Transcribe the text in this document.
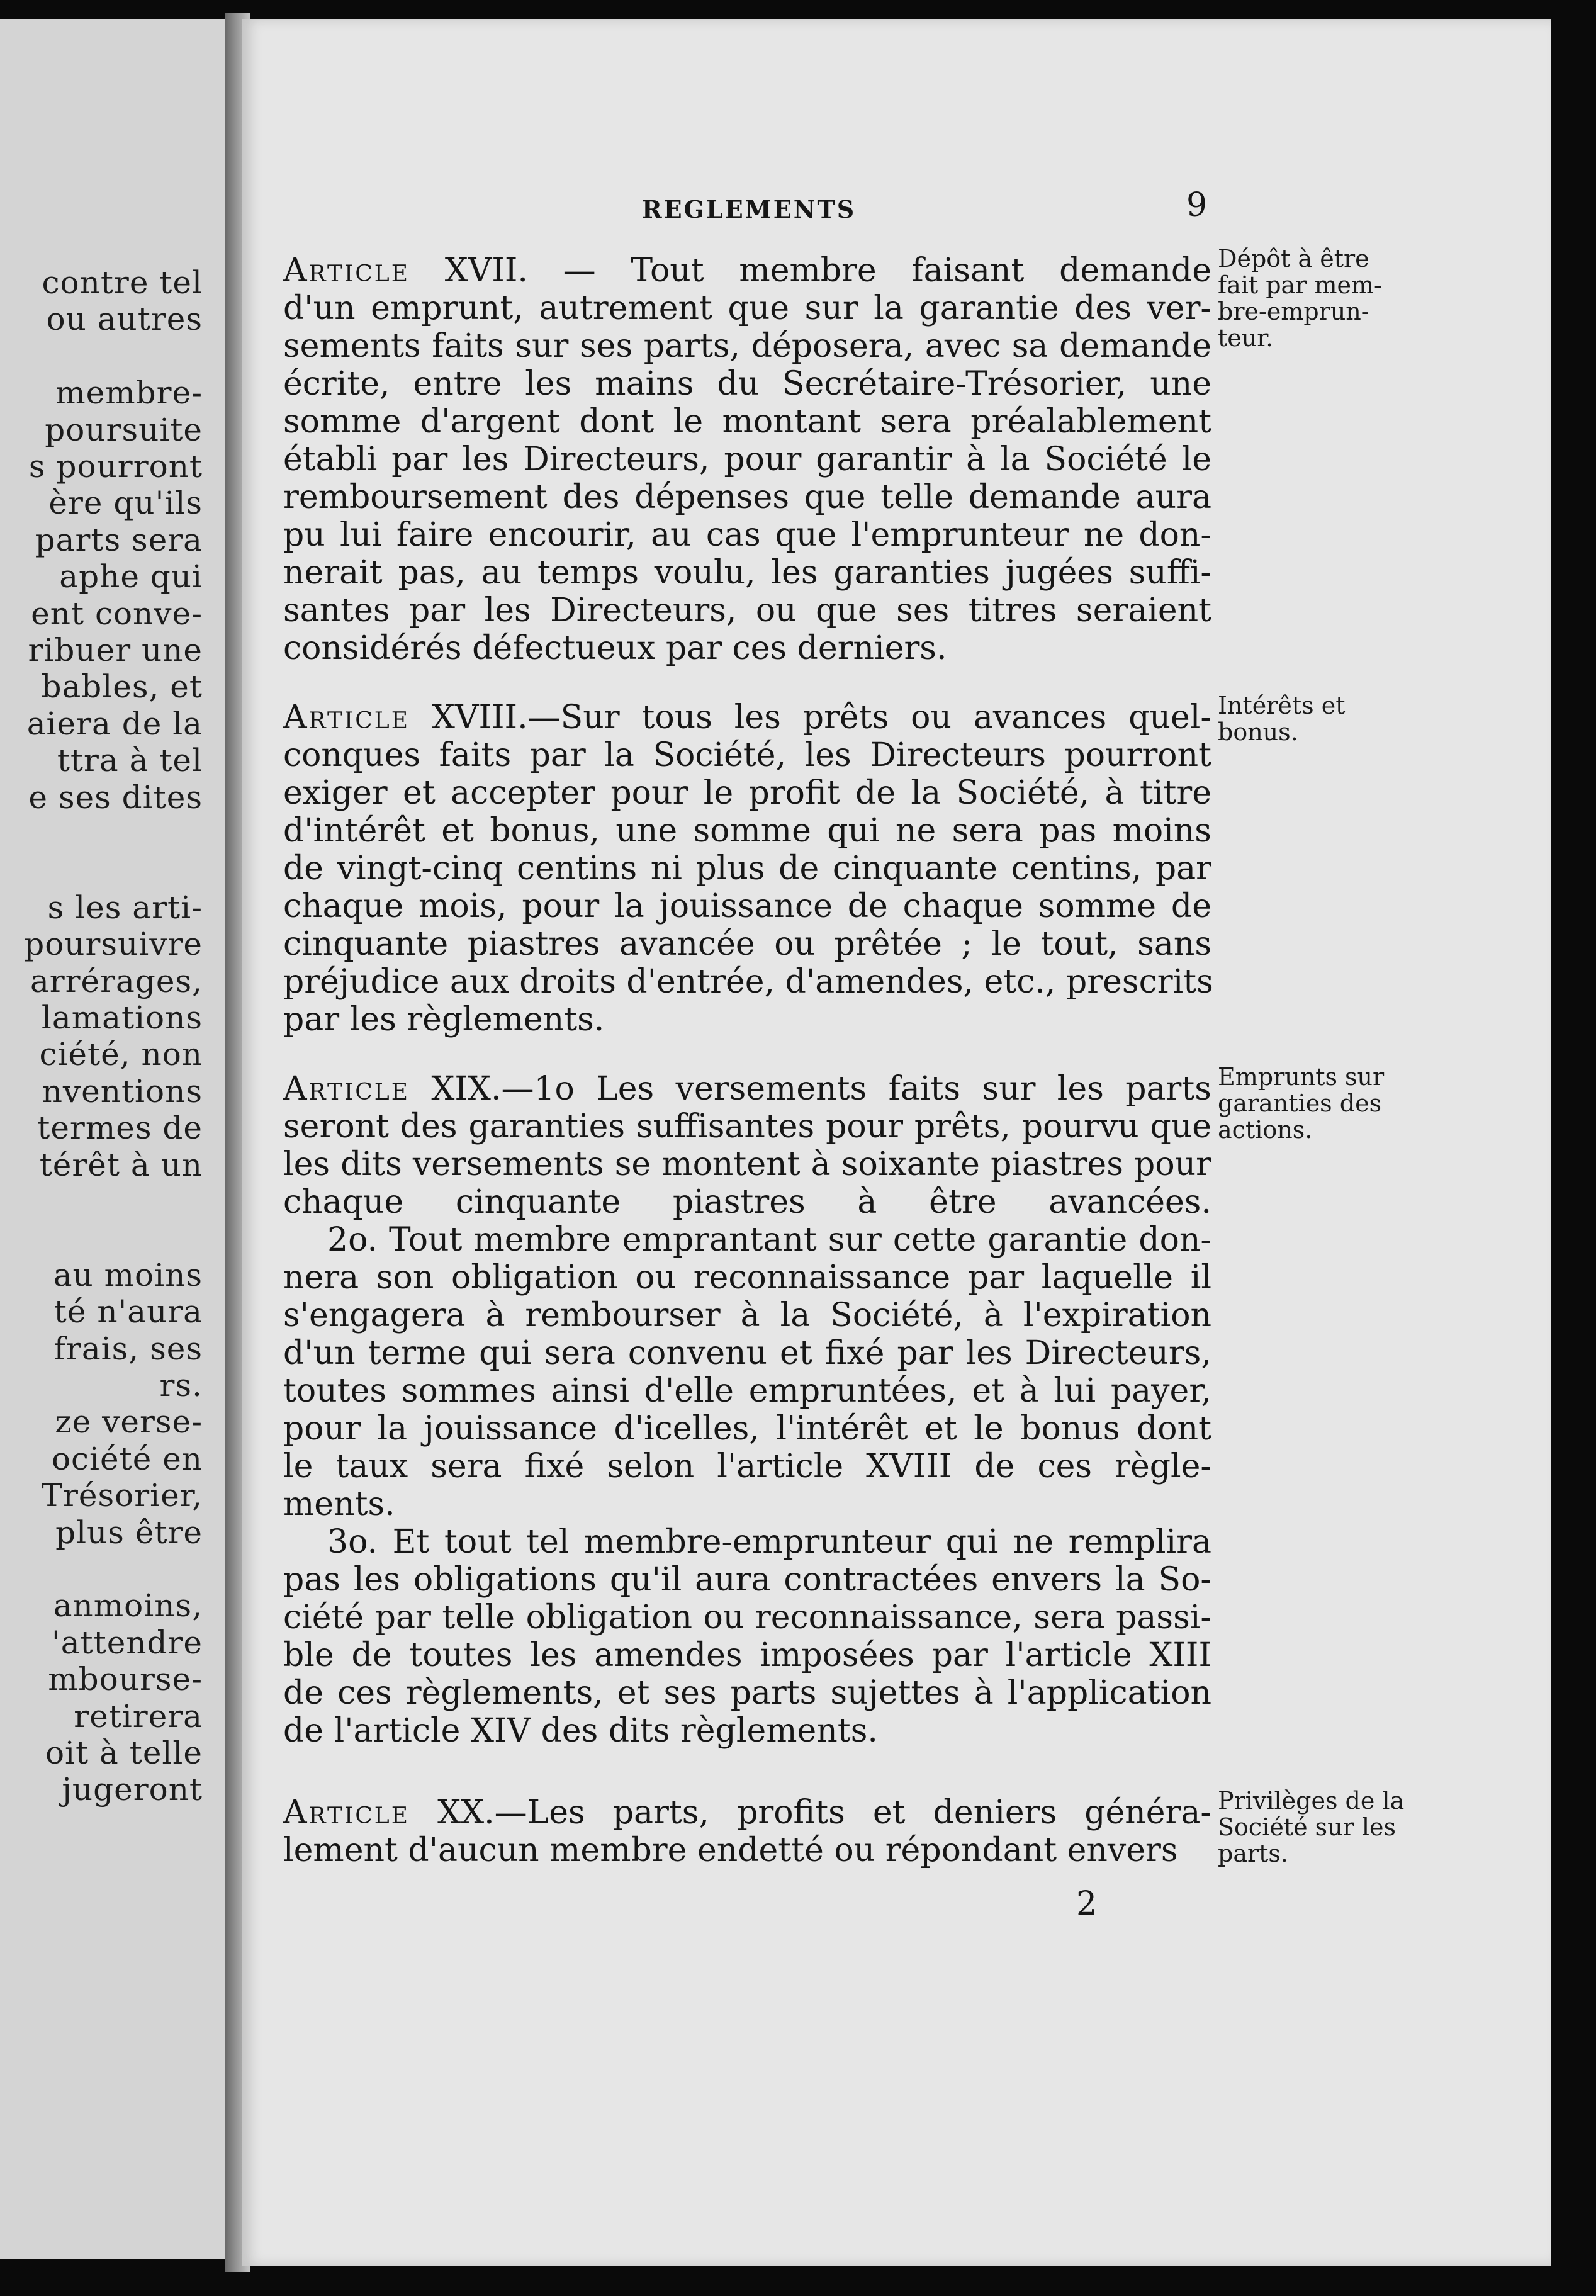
contre tel
ou autres
membre-
poursuite
s pourront
ère qu'ils
parts sera
aphe qui
ent conve-
ribuer une
bables, et
aiera de la
ttra à tel
e ses dites
s les arti-
poursuivre
arrérages,
lamations
ciété, non
nventions
termes de
térêt à un
au moins
té n'aura
frais, ses
rs.
ze verse-
ociété en
Trésorier,
plus être
anmoins,
'attendre
mbourse-
retirera
oit à telle
jugeront
REGLEMENTS	9
Article XVII. — Tout membre faisant demande
d'un emprunt, autrement que sur la garantie des ver-
sements faits sur ses parts, déposera, avec sa demande
écrite, entre les mains du Secrétaire-Trésorier, une
somme d'argent dont le montant sera préalablement
établi par les Directeurs, pour garantir à la Société le
remboursement des dépenses que telle demande aura
pu lui faire encourir, au cas que l'emprunteur ne don-
nerait pas, au temps voulu, les garanties jugées suffi-
santes par les Directeurs, ou que ses titres seraient
considérés défectueux par ces derniers.
Dépôt à être fait par mem-bre-emprun-teur.
Article XVIII.—Sur tous les prêts ou avances quel-
conques faits par la Société, les Directeurs pourront
exiger et accepter pour le profit de la Société, à titre
d'intérêt et bonus, une somme qui ne sera pas moins
de vingt-cinq centins ni plus de cinquante centins, par
chaque mois, pour la jouissance de chaque somme de
cinquante piastres avancée ou prêtée ; le tout, sans
préjudice aux droits d'entrée, d'amendes, etc., prescrits
par les règlements.
Intérêts et bonus.
Article XIX.—1o Les versements faits sur les parts
seront des garanties suffisantes pour prêts, pourvu que
les dits versements se montent à soixante piastres pour
chaque cinquante piastres à être avancées.
2o. Tout membre emprantant sur cette garantie don-
nera son obligation ou reconnaissance par laquelle il
s'engagera à rembourser à la Société, à l'expiration
d'un terme qui sera convenu et fixé par les Directeurs,
toutes sommes ainsi d'elle empruntées, et à lui payer,
pour la jouissance d'icelles, l'intérêt et le bonus dont
le taux sera fixé selon l'article XVIII de ces règle-
ments.
3o. Et tout tel membre-emprunteur qui ne remplira
pas les obligations qu'il aura contractées envers la So-
ciété par telle obligation ou reconnaissance, sera passi-
ble de toutes les amendes imposées par l'article XIII
de ces règlements, et ses parts sujettes à l'application
de l'article XIV des dits règlements.
Emprunts sur garanties des actions.
Article XX.—Les parts, profits et deniers généra-
lement d'aucun membre endetté ou répondant envers
Privilèges de la Société sur les parts.
2
